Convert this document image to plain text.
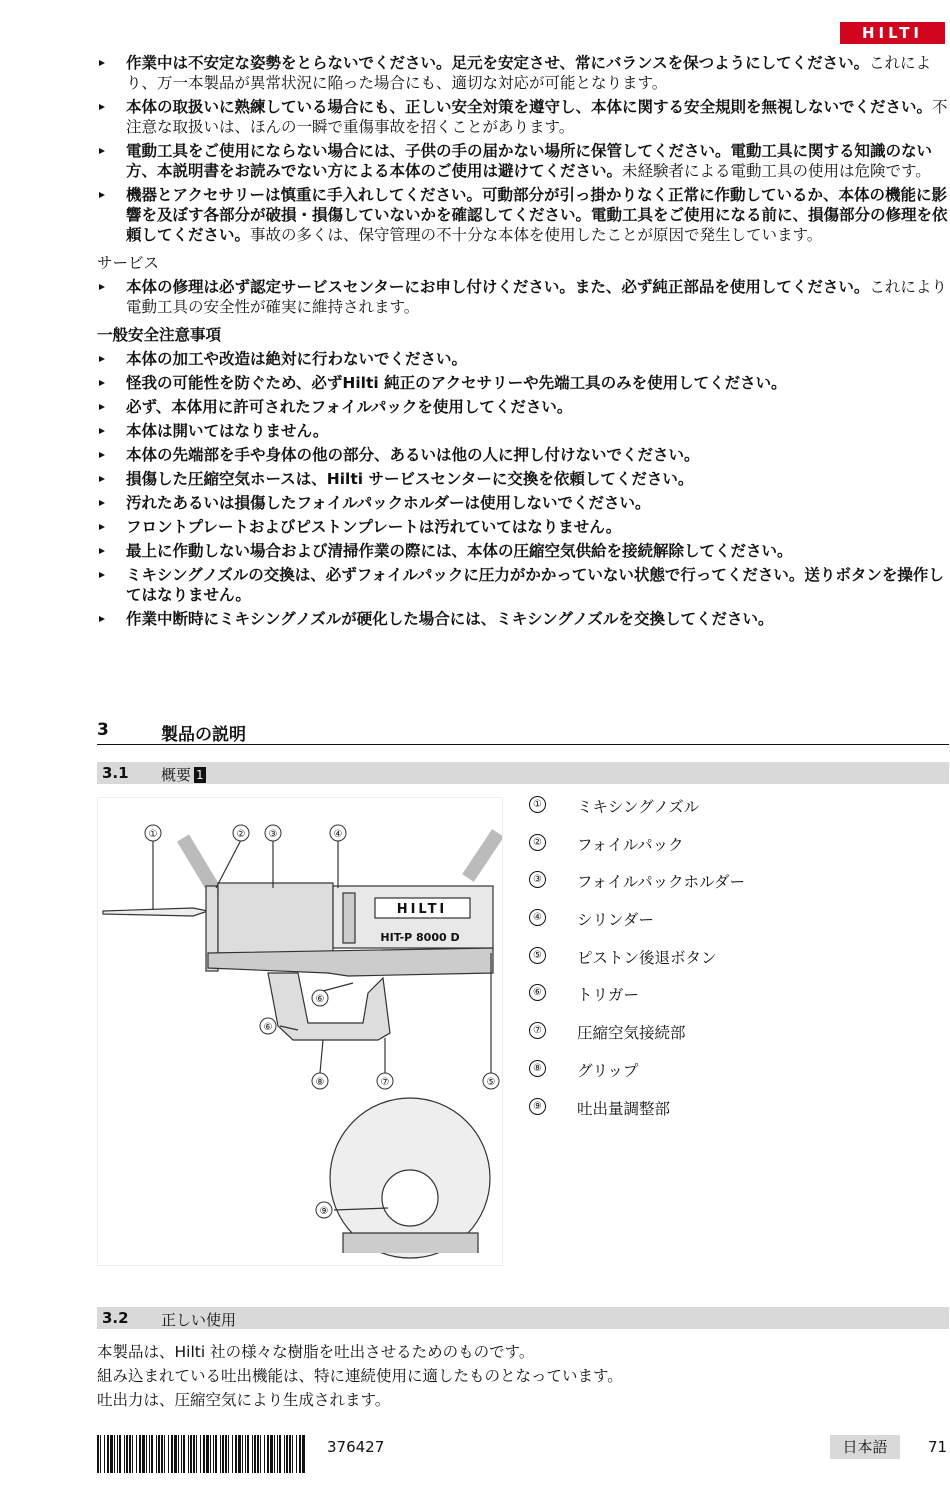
HILTI
作業中は不安定な姿勢をとらないでください。足元を安定させ、常にバランスを保つようにしてください。これにより、万一本製品が異常状況に陥った場合にも、適切な対応が可能となります。
本体の取扱いに熟練している場合にも、正しい安全対策を遵守し、本体に関する安全規則を無視しないでください。不注意な取扱いは、ほんの一瞬で重傷事故を招くことがあります。
電動工具をご使用にならない場合には、子供の手の届かない場所に保管してください。電動工具に関する知識のない方、本説明書をお読みでない方による本体のご使用は避けてください。未経験者による電動工具の使用は危険です。
機器とアクセサリーは慎重に手入れしてください。可動部分が引っ掛かりなく正常に作動しているか、本体の機能に影響を及ぼす各部分が破損・損傷していないかを確認してください。電動工具をご使用になる前に、損傷部分の修理を依頼してください。事故の多くは、保守管理の不十分な本体を使用したことが原因で発生しています。
サービス
本体の修理は必ず認定サービスセンターにお申し付けください。また、必ず純正部品を使用してください。これにより電動工具の安全性が確実に維持されます。
一般安全注意事項
本体の加工や改造は絶対に行わないでください。
怪我の可能性を防ぐため、必ずHilti 純正のアクセサリーや先端工具のみを使用してください。
必ず、本体用に許可されたフォイルパックを使用してください。
本体は開いてはなりません。
本体の先端部を手や身体の他の部分、あるいは他の人に押し付けないでください。
損傷した圧縮空気ホースは、Hilti サービスセンターに交換を依頼してください。
汚れたあるいは損傷したフォイルパックホルダーは使用しないでください。
フロントプレートおよびピストンプレートは汚れていてはなりません。
最上に作動しない場合および清掃作業の際には、本体の圧縮空気供給を接続解除してください。
ミキシングノズルの交換は、必ずフォイルパックに圧力がかかっていない状態で行ってください。送りボタンを操作してはなりません。
作業中断時にミキシングノズルが硬化した場合には、ミキシングノズルを交換してください。
3	製品の説明
3.1 概要 1
HIT-P 8000 D
HILTI
①	② ③	④
⑤
⑥
⑥
⑧	⑦
⑨
① ミキシングノズル
② フォイルパック
③ フォイルパックホルダー
④ シリンダー
⑤ ピストン後退ボタン
⑥ トリガー
⑦ 圧縮空気接続部
⑧ グリップ
⑨ 吐出量調整部
3.2 正しい使用

本製品は、Hilti 社の様々な樹脂を吐出させるためのものです。

組み込まれている吐出機能は、特に連続使用に適したものとなっています。

吐出力は、圧縮空気により生成されます。

376427	日本語	71
